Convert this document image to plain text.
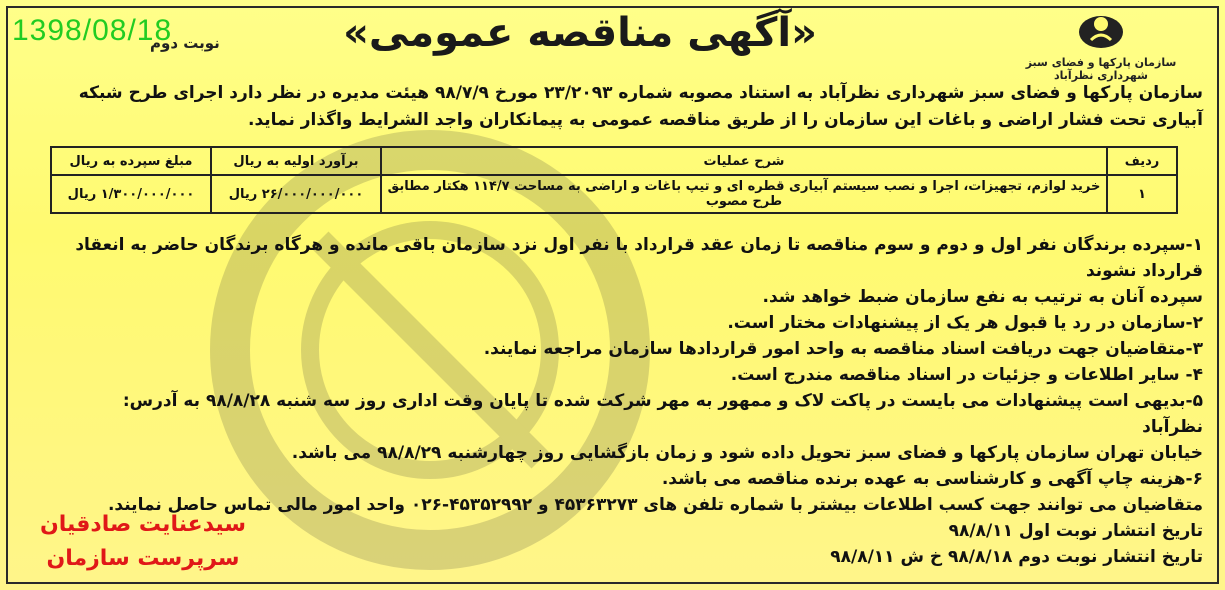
1398/08/18
نوبت دوم	«آگهی مناقصه عمومی»
سازمان پارکها و فضای سبز شهرداری نظرآباد
سازمان پارکها و فضای سبز شهرداری نظرآباد به استناد مصوبه شماره ۲۳/۲۰۹۳ مورخ ۹۸/۷/۹ هیئت مدیره در نظر دارد اجرای طرح شبکه
آبیاری تحت فشار اراضی و باغات این سازمان را از طریق مناقصه عمومی به پیمانکاران واجد الشرایط واگذار نماید.
ردیف	شرح عملیات	برآورد اولیه به ریال	مبلغ سپرده به ریال
۱	خرید لوازم، تجهیزات، اجرا و نصب سیستم آبیاری قطره ای و تیپ باغات و اراضی به مساحت ۱۱۴/۷ هکتار مطابق طرح مصوب	۲۶/۰۰۰/۰۰۰/۰۰۰ ریال	۱/۳۰۰/۰۰۰/۰۰۰ ریال

۱-سپرده برندگان نفر اول و دوم و سوم مناقصه تا زمان عقد قرارداد با نفر اول نزد سازمان باقی مانده و هرگاه برندگان حاضر به انعقاد قرارداد نشوند

سپرده آنان به ترتیب به نفع سازمان ضبط خواهد شد.

۲-سازمان در رد یا قبول هر یک از پیشنهادات مختار است.

۳-متقاضیان جهت دریافت اسناد مناقصه به واحد امور قراردادها سازمان مراجعه نمایند.

۴- سایر اطلاعات و جزئیات در اسناد مناقصه مندرج است.

۵-بدیهی است پیشنهادات می بایست در پاکت لاک و ممهور به مهر شرکت شده تا پایان وقت اداری روز سه شنبه ۹۸/۸/۲۸ به آدرس: نظرآباد

خیابان تهران سازمان پارکها و فضای سبز تحویل داده شود و زمان بازگشایی روز چهارشنبه ۹۸/۸/۲۹ می باشد.

۶-هزینه چاپ آگهی و کارشناسی به عهده برنده مناقصه می باشد.

متقاضیان می توانند جهت کسب اطلاعات بیشتر با شماره تلفن های ۴۵۳۶۳۲۷۳ و ۴۵۳۵۲۹۹۲-۰۲۶ واحد امور مالی تماس حاصل نمایند.

تاریخ انتشار نوبت اول ۹۸/۸/۱۱

تاریخ انتشار نوبت دوم ۹۸/۸/۱۸ خ ش ۹۸/۸/۱۱

سیدعنایت صادقیان
سرپرست سازمان
